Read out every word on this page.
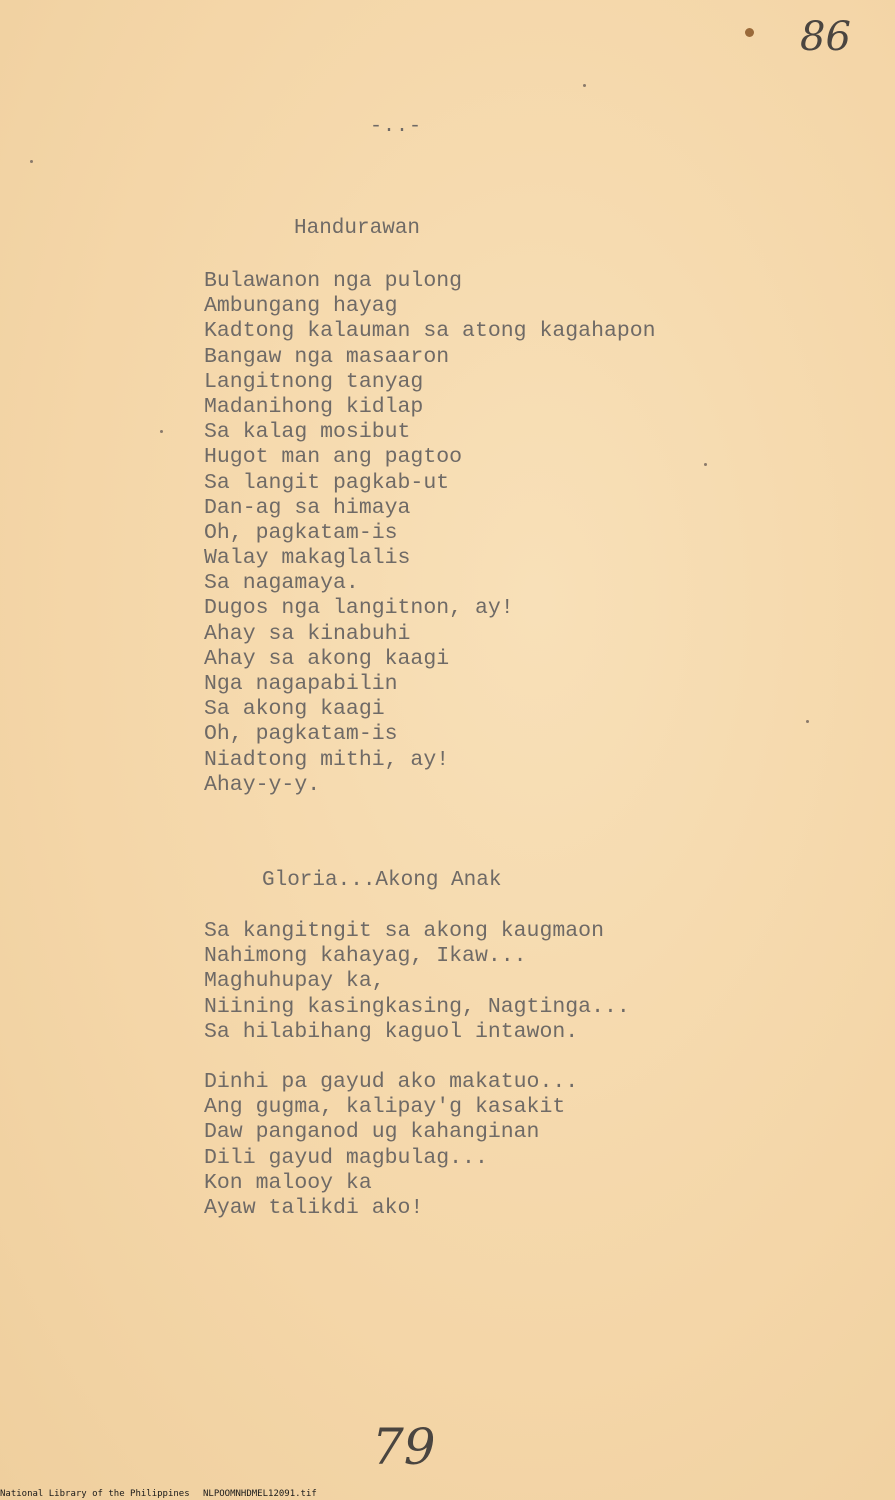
86
-..-
Handurawan
Bulawanon nga pulong
Ambungang hayag
Kadtong kalauman sa atong kagahapon
Bangaw nga masaaron
Langitnong tanyag
Madanihong kidlap
Sa kalag mosibut
Hugot man ang pagtoo
Sa langit pagkab-ut
Dan-ag sa himaya
Oh, pagkatam-is
Walay makaglalis
Sa nagamaya.
Dugos nga langitnon, ay!
Ahay sa kinabuhi
Ahay sa akong kaagi
Nga nagapabilin
Sa akong kaagi
Oh, pagkatam-is
Niadtong mithi, ay!
Ahay-y-y.
Gloria...Akong Anak
Sa kangitngit sa akong kaugmaon
Nahimong kahayag, Ikaw...
Maghuhupay ka,
Niining kasingkasing, Nagtinga...
Sa hilabihang kaguol intawon.
Dinhi pa gayud ako makatuo...
Ang gugma, kalipay'g kasakit
Daw panganod ug kahanginan
Dili gayud magbulag...
Kon malooy ka
Ayaw talikdi ako!
79
National Library of the Philippines NLPOOMNHDMEL12091.tif
